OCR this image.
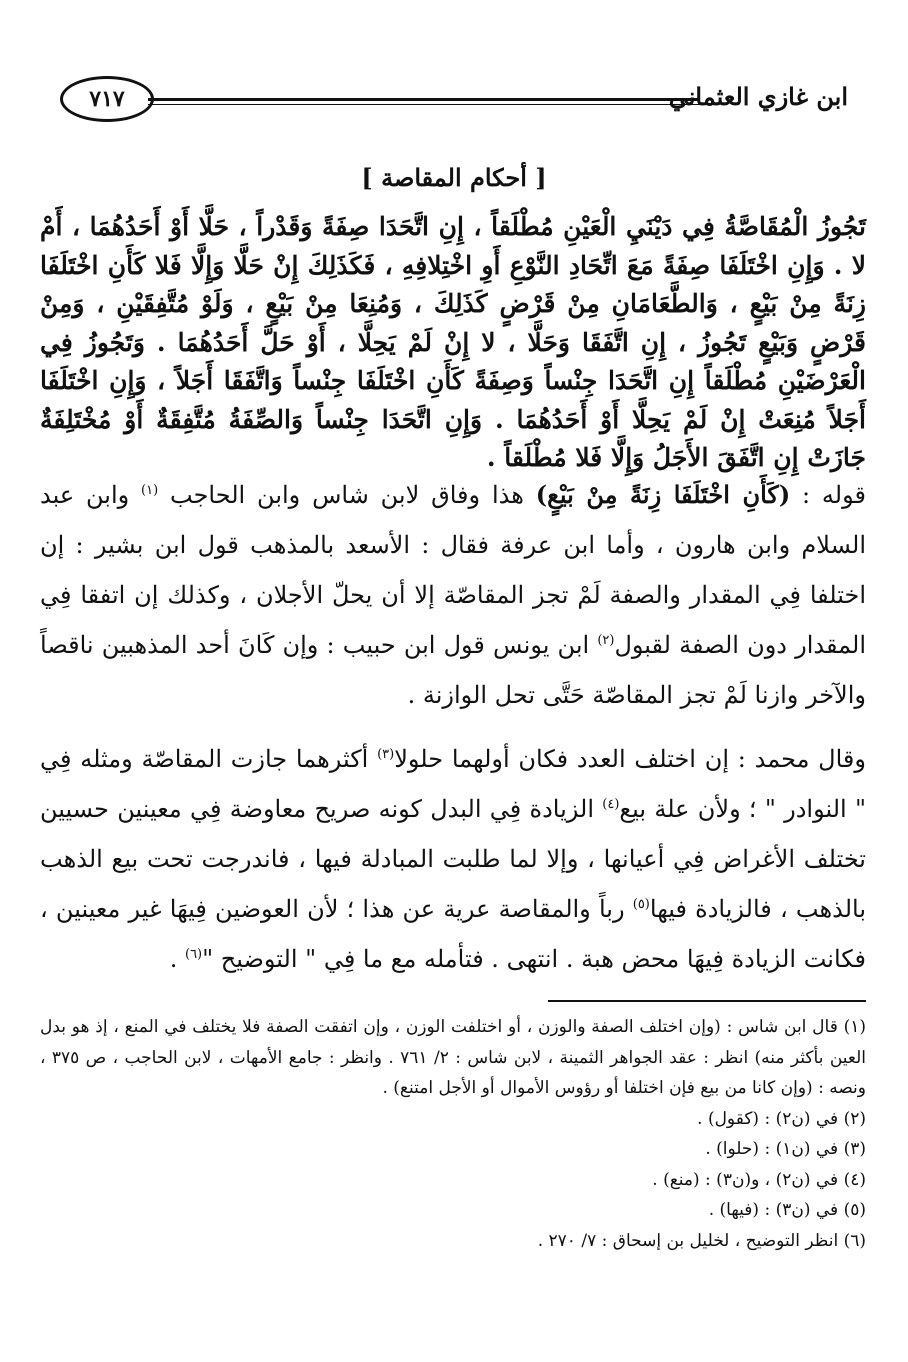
٧١٧	ابن غازي العثماني
[ أحكام المقاصة ]

تَجُوزُ الْمُقَاصَّةُ فِي دَيْنَيِ الْعَيْنِ مُطْلَقاً ، إِنِ اتَّحَدَا صِفَةً وَقَدْراً ، حَلَّا أَوْ أَحَدُهُمَا ، أَمْ لا . وَإِنِ اخْتَلَفَا صِفَةً مَعَ اتِّحَادِ النَّوْعِ أَوِ اخْتِلافِهِ ، فَكَذَلِكَ إِنْ حَلَّا وَإِلَّا فَلا كَأَنِ اخْتَلَفَا زِنَةً مِنْ بَيْعٍ ، وَالطَّعَامَانِ مِنْ قَرْضٍ كَذَلِكَ ، وَمُنِعَا مِنْ بَيْعٍ ، وَلَوْ مُتَّفِقَيْنِ ، وَمِنْ قَرْضٍ وَبَيْعٍ تَجُوزُ ، إِنِ اتَّفَقَا وَحَلَّا ، لا إِنْ لَمْ يَحِلَّا ، أَوْ حَلَّ أَحَدُهُمَا . وَتَجُوزُ فِي الْعَرْضَيْنِ مُطْلَقاً إِنِ اتَّحَدَا جِنْساً وَصِفَةً كَأَنِ اخْتَلَفَا جِنْساً وَاتَّفَقَا أَجَلاً ، وَإِنِ اخْتَلَفَا أَجَلاً مُنِعَتْ إِنْ لَمْ يَحِلَّا أَوْ أَحَدُهُمَا . وَإِنِ اتَّحَدَا جِنْساً وَالصِّفَةُ مُتَّفِقَةٌ أَوْ مُخْتَلِفَةٌ جَازَتْ إِنِ اتَّفَقَ الأَجَلُ وَإِلَّا فَلا مُطْلَقاً .

قوله : (كَأَنِ اخْتَلَفَا زِنَةً مِنْ بَيْعٍ) هذا وفاق لابن شاس وابن الحاجب $^{(١)}$ وابن عبد السلام وابن هارون ، وأما ابن عرفة فقال : الأسعد بالمذهب قول ابن بشير : إن اختلفا فِي المقدار والصفة لَمْ تجز المقاصّة إلا أن يحلّ الأجلان ، وكذلك إن اتفقا فِي المقدار دون الصفة لقبول$^{(٢)}$ ابن يونس قول ابن حبيب : وإن كَانَ أحد المذهبين ناقصاً والآخر وازنا لَمْ تجز المقاصّة حَتَّى تحل الوازنة .

وقال محمد : إن اختلف العدد فكان أولهما حلولا$^{(٣)}$ أكثرهما جازت المقاصّة ومثله فِي " النوادر " ؛ ولأن علة بيع$^{(٤)}$ الزيادة فِي البدل كونه صريح معاوضة فِي معينين حسيين تختلف الأغراض فِي أعيانها ، وإلا لما طلبت المبادلة فيها ، فاندرجت تحت بيع الذهب بالذهب ، فالزيادة فيها$^{(٥)}$ رباً والمقاصة عرية عن هذا ؛ لأن العوضين فِيهَا غير معينين ، فكانت الزيادة فِيهَا محض هبة . انتهى . فتأمله مع ما فِي " التوضيح "$^{(٦)}$ .

(١) قال ابن شاس : (وإن اختلف الصفة والوزن ، أو اختلفت الوزن ، وإن اتفقت الصفة فلا يختلف في المنع ، إذ هو بدل العين بأكثر منه) انظر : عقد الجواهر الثمينة ، لابن شاس : ٢/ ٧٦١ . وانظر : جامع الأمهات ، لابن الحاجب ، ص ٣٧٥ ، ونصه : (وإن كانا من بيع فإن اختلفا أو رؤوس الأموال أو الأجل امتنع) .

(٢) في (ن٢) : (كقول) .

(٣) في (ن١) : (حلوا) .

(٤) في (ن٢) ، و(ن٣) : (منع) .

(٥) في (ن٣) : (فيها) .

(٦) انظر التوضيح ، لخليل بن إسحاق : ٧/ ٢٧٠ .
